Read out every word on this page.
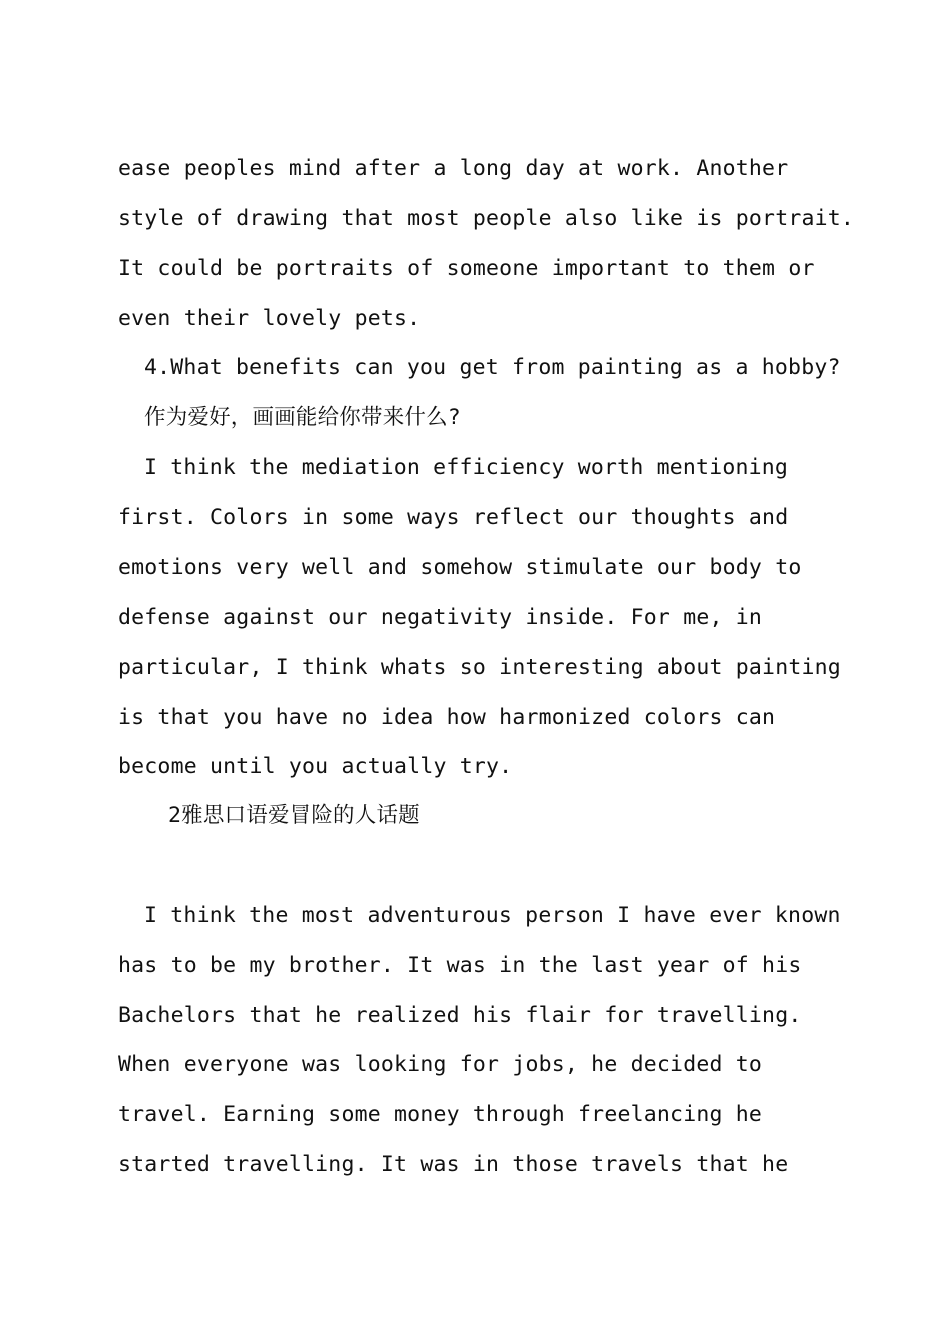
ease peoples mind after a long day at work. Another
style of drawing that most people also like is portrait.
It could be portraits of someone important to them or
even their lovely pets.
4.What benefits can you get from painting as a hobby?
作为爱好，画画能给你带来什么?
I think the mediation efficiency worth mentioning
first. Colors in some ways reflect our thoughts and
emotions very well and somehow stimulate our body to
defense against our negativity inside. For me, in
particular, I think whats so interesting about painting
is that you have no idea how harmonized colors can
become until you actually try.
2雅思口语爱冒险的人话题
I think the most adventurous person I have ever known
has to be my brother. It was in the last year of his
Bachelors that he realized his flair for travelling.
When everyone was looking for jobs, he decided to
travel. Earning some money through freelancing he
started travelling. It was in those travels that he
